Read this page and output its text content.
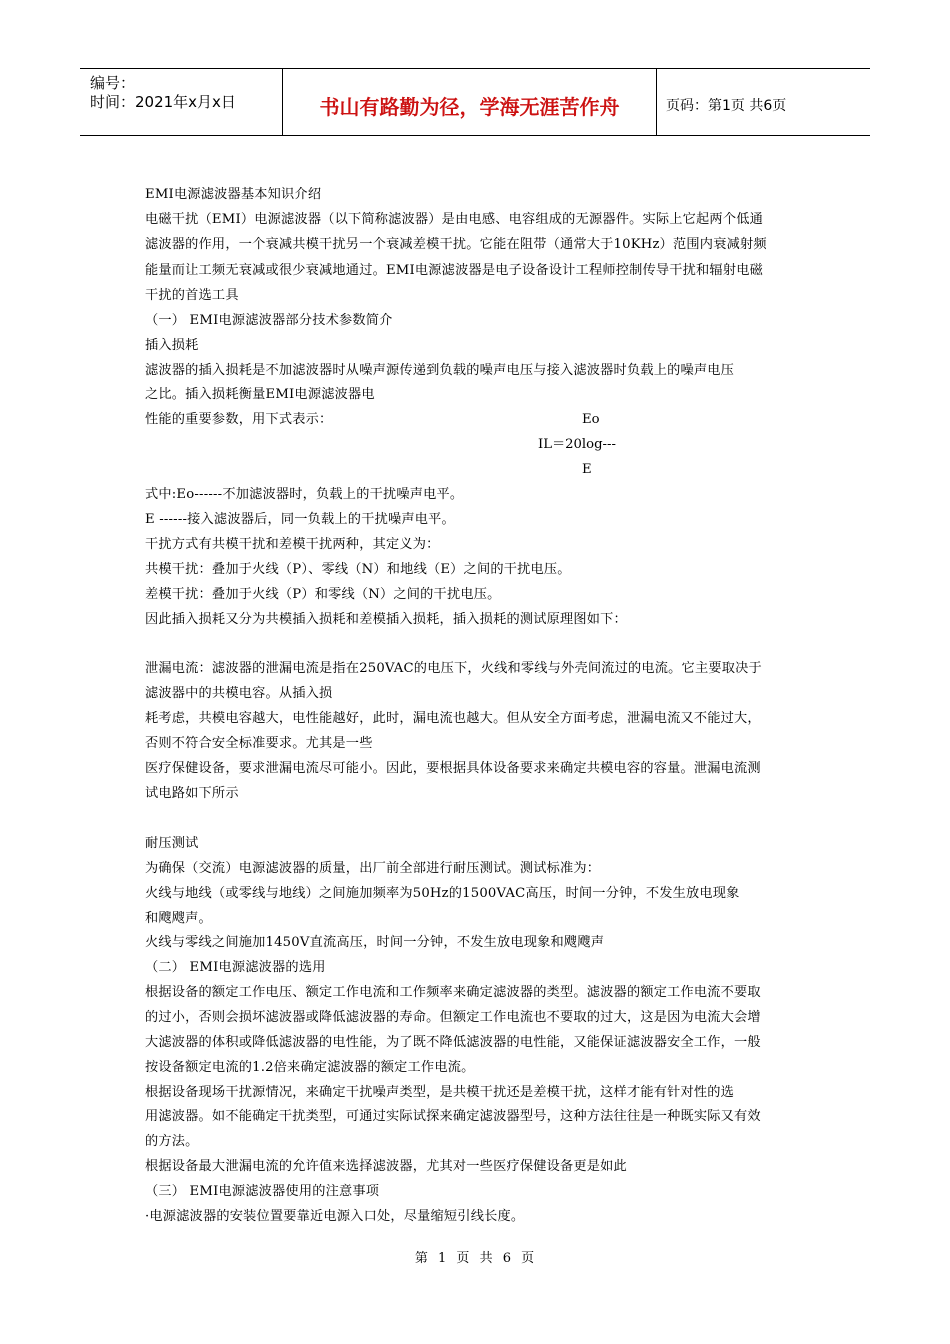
编号：
时间：2021年x月x日	书山有路勤为径，学海无涯苦作舟	页码：第1页 共6页
EMI电源滤波器基本知识介绍
电磁干扰（EMI）电源滤波器（以下简称滤波器）是由电感、电容组成的无源器件。实际上它起两个低通
滤波器的作用，一个衰减共模干扰另一个衰减差模干扰。它能在阻带（通常大于10KHz）范围内衰减射频
能量而让工频无衰减或很少衰减地通过。EMI电源滤波器是电子设备设计工程师控制传导干扰和辐射电磁
干扰的首选工具
（一） EMI电源滤波器部分技术参数简介
插入损耗
滤波器的插入损耗是不加滤波器时从噪声源传递到负载的噪声电压与接入滤波器时负载上的噪声电压
之比。插入损耗衡量EMI电源滤波器电
性能的重要参数，用下式表示：	Eo
IL＝20log---
E
式中:Eo------不加滤波器时，负载上的干扰噪声电平。
E ------接入滤波器后，同一负载上的干扰噪声电平。
干扰方式有共模干扰和差模干扰两种，其定义为：
共模干扰：叠加于火线（P）、零线（N）和地线（E）之间的干扰电压。
差模干扰：叠加于火线（P）和零线（N）之间的干扰电压。
因此插入损耗又分为共模插入损耗和差模插入损耗，插入损耗的测试原理图如下：
泄漏电流：滤波器的泄漏电流是指在250VAC的电压下，火线和零线与外壳间流过的电流。它主要取决于
滤波器中的共模电容。从插入损
耗考虑，共模电容越大，电性能越好，此时，漏电流也越大。但从安全方面考虑，泄漏电流又不能过大，
否则不符合安全标准要求。尤其是一些
医疗保健设备，要求泄漏电流尽可能小。因此，要根据具体设备要求来确定共模电容的容量。泄漏电流测
试电路如下所示
耐压测试
为确保（交流）电源滤波器的质量，出厂前全部进行耐压测试。测试标准为：
火线与地线（或零线与地线）之间施加频率为50Hz的1500VAC高压，时间一分钟，不发生放电现象
和飕飕声。
火线与零线之间施加1450V直流高压，时间一分钟，不发生放电现象和飕飕声
（二） EMI电源滤波器的选用
根据设备的额定工作电压、额定工作电流和工作频率来确定滤波器的类型。滤波器的额定工作电流不要取
的过小，否则会损坏滤波器或降低滤波器的寿命。但额定工作电流也不要取的过大，这是因为电流大会增
大滤波器的体积或降低滤波器的电性能，为了既不降低滤波器的电性能，又能保证滤波器安全工作，一般
按设备额定电流的1.2倍来确定滤波器的额定工作电流。
根据设备现场干扰源情况，来确定干扰噪声类型，是共模干扰还是差模干扰，这样才能有针对性的选
用滤波器。如不能确定干扰类型，可通过实际试探来确定滤波器型号，这种方法往往是一种既实际又有效
的方法。
根据设备最大泄漏电流的允许值来选择滤波器，尤其对一些医疗保健设备更是如此
（三） EMI电源滤波器使用的注意事项
·电源滤波器的安装位置要靠近电源入口处，尽量缩短引线长度。
第 1 页 共 6 页
